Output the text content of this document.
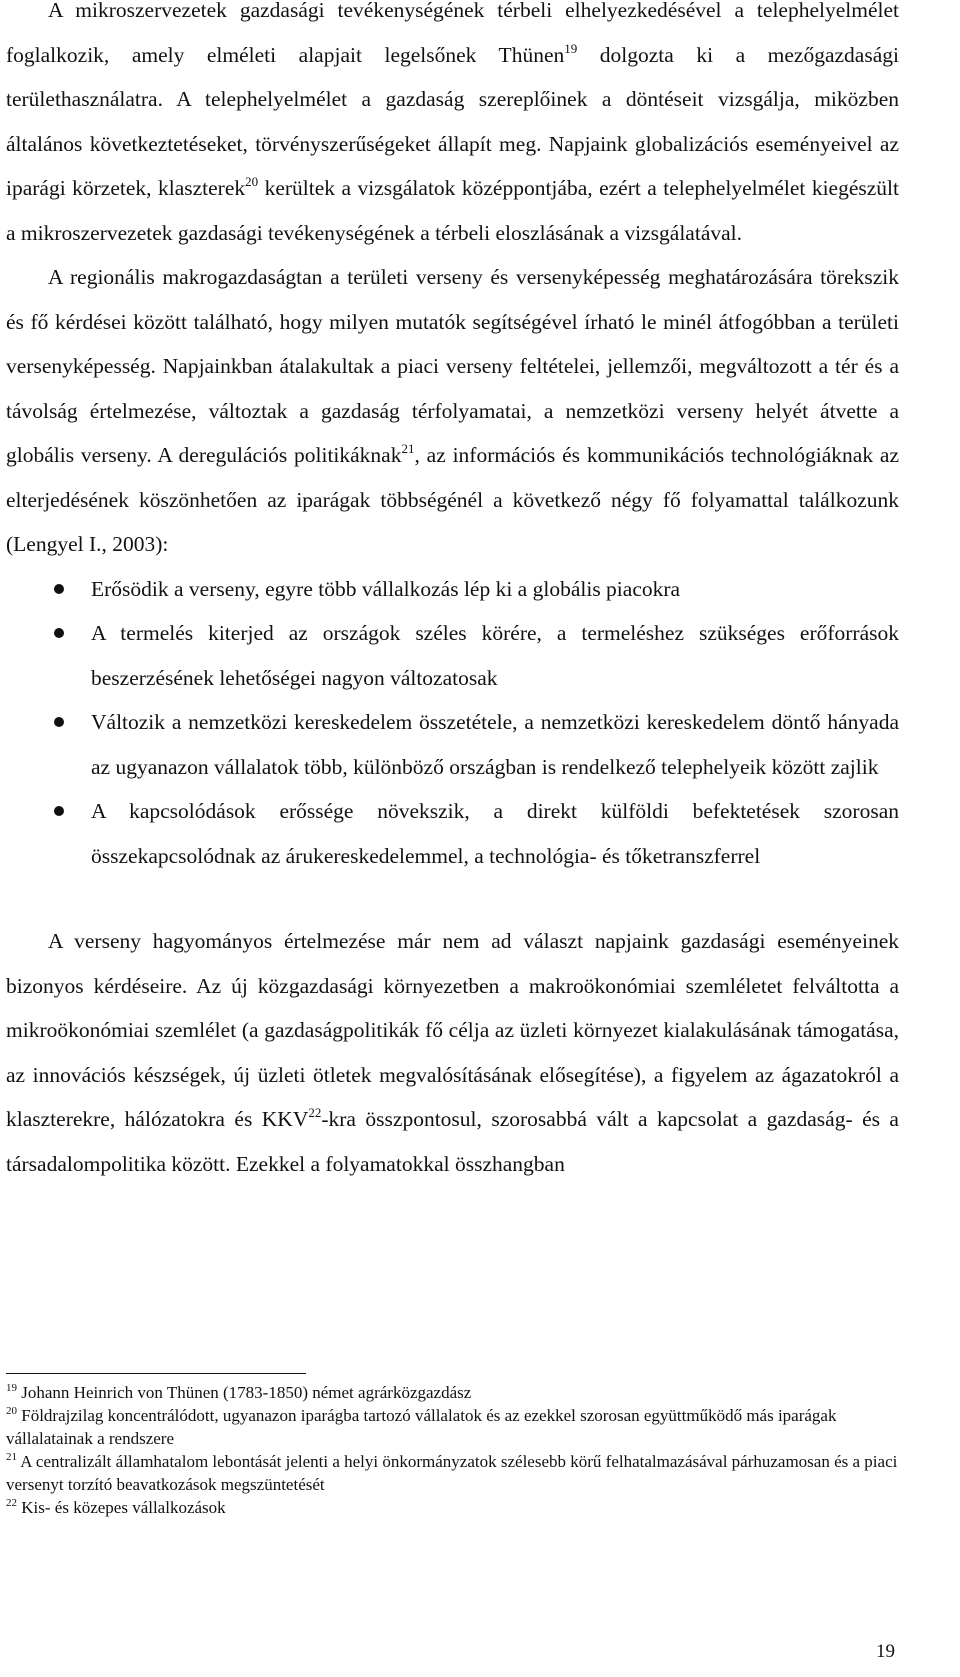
A mikroszervezetek gazdasági tevékenységének térbeli elhelyezkedésével a telephelyelmélet foglalkozik, amely elméleti alapjait legelsőnek Thünen$^{19}$ dolgozta ki a mezőgazdasági területhasználatra. A telephelyelmélet a gazdaság szereplőinek a döntéseit vizsgálja, miközben általános következtetéseket, törvényszerűségeket állapít meg. Napjaink globalizációs eseményeivel az iparági körzetek, klaszterek$^{20}$ kerültek a vizsgálatok középpontjába, ezért a telephelyelmélet kiegészült a mikroszervezetek gazdasági tevékenységének a térbeli eloszlásának a vizsgálatával.

A regionális makrogazdaságtan a területi verseny és versenyképesség meghatározására törekszik és fő kérdései között található, hogy milyen mutatók segítségével írható le minél átfogóbban a területi versenyképesség. Napjainkban átalakultak a piaci verseny feltételei, jellemzői, megváltozott a tér és a távolság értelmezése, változtak a gazdaság térfolyamatai, a nemzetközi verseny helyét átvette a globális verseny. A deregulációs politikáknak$^{21}$, az információs és kommunikációs technológiáknak az elterjedésének köszönhetően az iparágak többségénél a következő négy fő folyamattal találkozunk (Lengyel I., 2003):

Erősödik a verseny, egyre több vállalkozás lép ki a globális piacokra
A termelés kiterjed az országok széles körére, a termeléshez szükséges erőforrások beszerzésének lehetőségei nagyon változatosak
Változik a nemzetközi kereskedelem összetétele, a nemzetközi kereskedelem döntő hányada az ugyanazon vállalatok több, különböző országban is rendelkező telephelyeik között zajlik
A kapcsolódások erőssége növekszik, a direkt külföldi befektetések szorosan összekapcsolódnak az árukereskedelemmel, a technológia- és tőketranszferrel

A verseny hagyományos értelmezése már nem ad választ napjaink gazdasági eseményeinek bizonyos kérdéseire. Az új közgazdasági környezetben a makroökonómiai szemléletet felváltotta a mikroökonómiai szemlélet (a gazdaságpolitikák fő célja az üzleti környezet kialakulásának támogatása, az innovációs készségek, új üzleti ötletek megvalósításának elősegítése), a figyelem az ágazatokról a klaszterekre, hálózatokra és KKV$^{22}$-kra összpontosul, szorosabbá vált a kapcsolat a gazdaság- és a társadalompolitika között. Ezekkel a folyamatokkal összhangban

$^{19}$ Johann Heinrich von Thünen (1783-1850) német agrárközgazdász
$^{20}$ Földrajzilag koncentrálódott, ugyanazon iparágba tartozó vállalatok és az ezekkel szorosan együttműködő más iparágak vállalatainak a rendszere
$^{21}$ A centralizált államhatalom lebontását jelenti a helyi önkormányzatok szélesebb körű felhatalmazásával párhuzamosan és a piaci versenyt torzító beavatkozások megszüntetését
$^{22}$ Kis- és közepes vállalkozások
19
